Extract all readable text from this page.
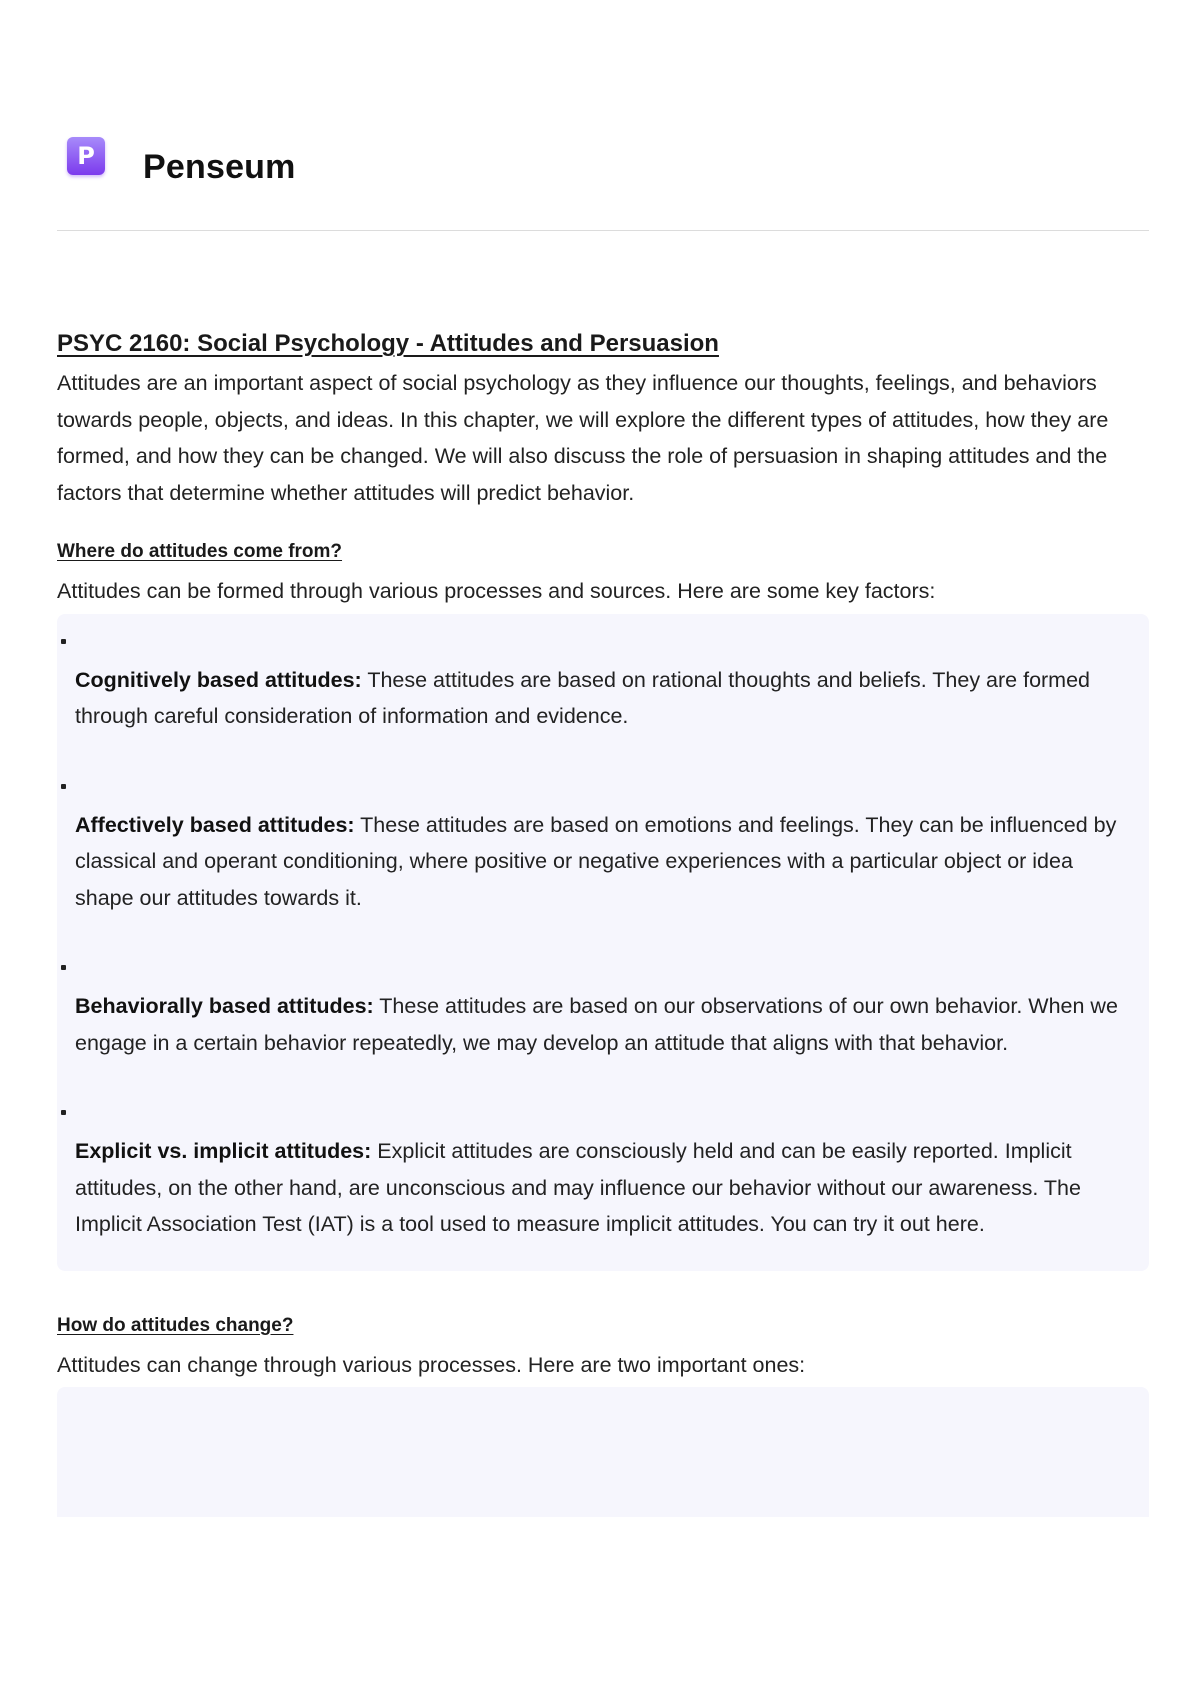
P	Penseum
PSYC 2160: Social Psychology - Attitudes and Persuasion

Attitudes are an important aspect of social psychology as they influence our thoughts, feelings, and behaviors towards people, objects, and ideas. In this chapter, we will explore the different types of attitudes, how they are formed, and how they can be changed. We will also discuss the role of persuasion in shaping attitudes and the factors that determine whether attitudes will predict behavior.

Where do attitudes come from?

Attitudes can be formed through various processes and sources. Here are some key factors:

Cognitively based attitudes: These attitudes are based on rational thoughts and beliefs. They are formed through careful consideration of information and evidence.
Affectively based attitudes: These attitudes are based on emotions and feelings. They can be influenced by classical and operant conditioning, where positive or negative experiences with a particular object or idea shape our attitudes towards it.
Behaviorally based attitudes: These attitudes are based on our observations of our own behavior. When we engage in a certain behavior repeatedly, we may develop an attitude that aligns with that behavior.
Explicit vs. implicit attitudes: Explicit attitudes are consciously held and can be easily reported. Implicit attitudes, on the other hand, are unconscious and may influence our behavior without our awareness. The Implicit Association Test (IAT) is a tool used to measure implicit attitudes. You can try it out here.
How do attitudes change?

Attitudes can change through various processes. Here are two important ones:
